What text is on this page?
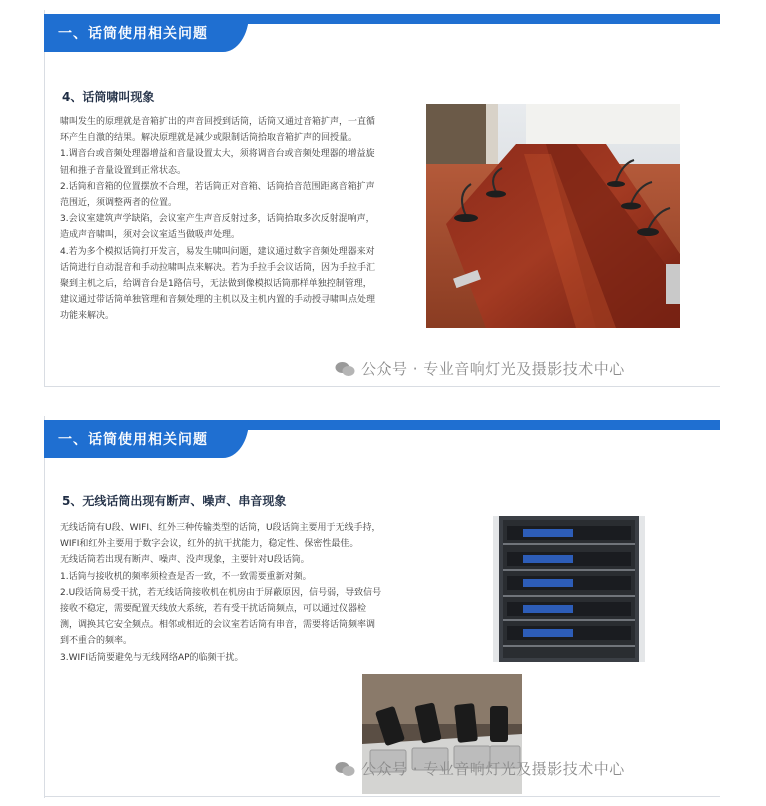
一、话筒使用相关问题
4、话筒啸叫现象

啸叫发生的原理就是音箱扩出的声音回授到话筒，话筒又通过音箱扩声，一直循环产生自激的结果。解决原理就是减少或限制话筒拾取音箱扩声的回授量。

1.调音台或音频处理器增益和音量设置太大，须将调音台或音频处理器的增益旋钮和推子音量设置到正常状态。

2.话筒和音箱的位置摆放不合理，若话筒正对音箱、话筒拾音范围距离音箱扩声范围近，须调整两者的位置。

3.会议室建筑声学缺陷，会议室产生声音反射过多，话筒拾取多次反射混响声，造成声音啸叫，须对会议室适当做吸声处理。

4.若为多个模拟话筒打开发言，易发生啸叫问题，建议通过数字音频处理器来对话筒进行自动混音和手动拉啸叫点来解决。若为手拉手会议话筒，因为手拉手汇聚到主机之后，给调音台是1路信号，无法做到像模拟话筒那样单独控制管理，建议通过带话筒单独管理和音频处理的主机以及主机内置的手动授寻啸叫点处理功能来解决。

公众号 · 专业音响灯光及摄影技术中心
一、话筒使用相关问题
5、无线话筒出现有断声、噪声、串音现象

无线话筒有U段、WIFI、红外三种传输类型的话筒，U段话筒主要用于无线手持，WIFI和红外主要用于数字会议，红外的抗干扰能力，稳定性、保密性最佳。

无线话筒若出现有断声、噪声、没声现象，主要针对U段话筒。

1.话筒与接收机的频率须检查是否一致，不一致需要重新对频。

2.U段话筒易受干扰，若无线话筒接收机在机房由于屏蔽原因，信号弱，导致信号接收不稳定，需要配置天线放大系统，若有受干扰话筒频点，可以通过仪器检测，调换其它安全频点。相邻或相近的会议室若话筒有串音，需要将话筒频率调到不重合的频率。

3.WIFI话筒要避免与无线网络AP的临频干扰。

公众号 · 专业音响灯光及摄影技术中心
